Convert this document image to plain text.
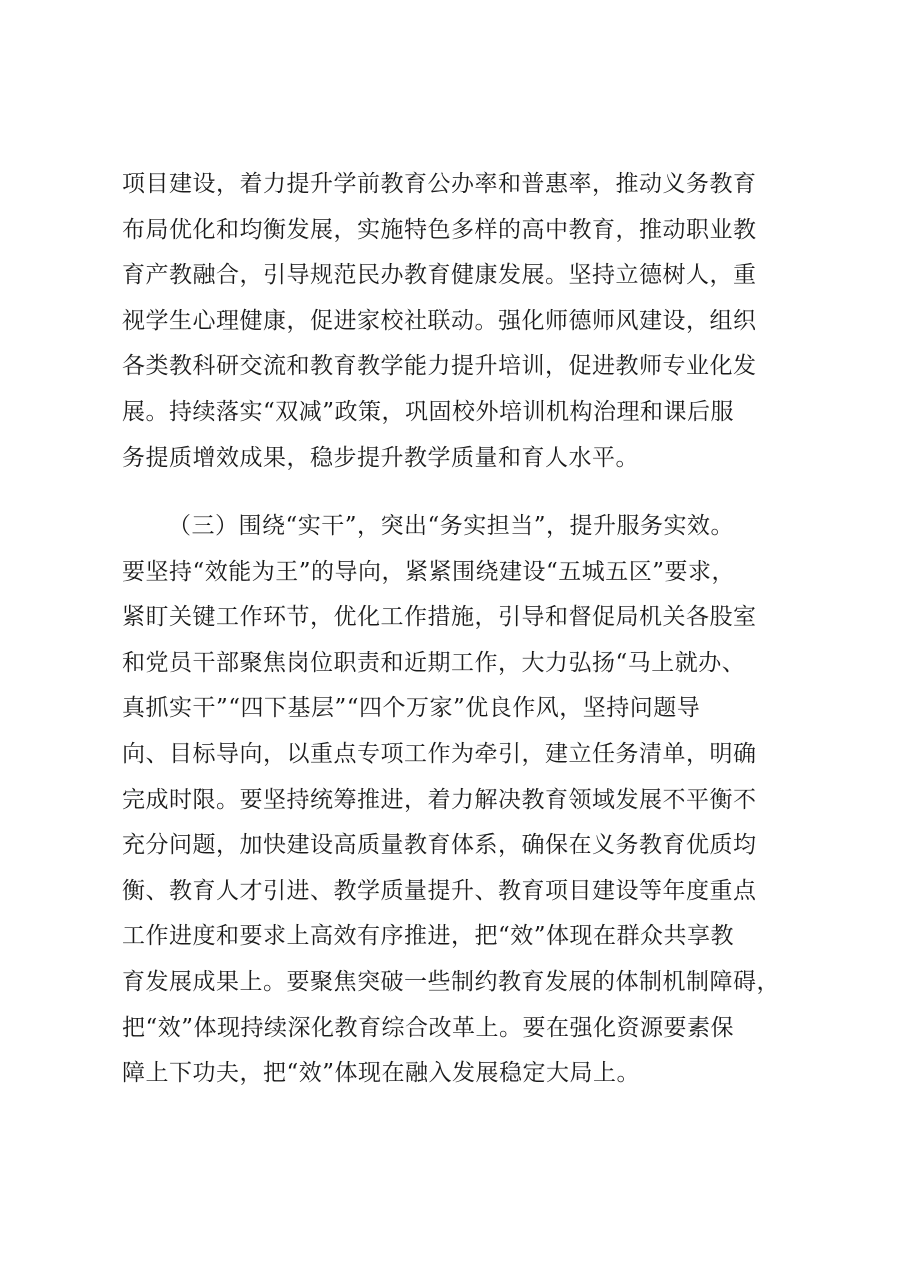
项目建设，着力提升学前教育公办率和普惠率，推动义务教育
布局优化和均衡发展，实施特色多样的高中教育，推动职业教
育产教融合，引导规范民办教育健康发展。坚持立德树人，重
视学生心理健康，促进家校社联动。强化师德师风建设，组织
各类教科研交流和教育教学能力提升培训，促进教师专业化发
展。持续落实“双减”政策，巩固校外培训机构治理和课后服
务提质增效成果，稳步提升教学质量和育人水平。
（三）围绕“实干”，突出“务实担当”，提升服务实效。
要坚持“效能为王”的导向，紧紧围绕建设“五城五区”要求，
紧盯关键工作环节，优化工作措施，引导和督促局机关各股室
和党员干部聚焦岗位职责和近期工作，大力弘扬“马上就办、
真抓实干”“四下基层”“四个万家”优良作风，坚持问题导
向、目标导向，以重点专项工作为牵引，建立任务清单，明确
完成时限。要坚持统筹推进，着力解决教育领域发展不平衡不
充分问题，加快建设高质量教育体系，确保在义务教育优质均
衡、教育人才引进、教学质量提升、教育项目建设等年度重点
工作进度和要求上高效有序推进，把“效”体现在群众共享教
育发展成果上。要聚焦突破一些制约教育发展的体制机制障碍，
把“效”体现持续深化教育综合改革上。要在强化资源要素保
障上下功夫，把“效”体现在融入发展稳定大局上。
